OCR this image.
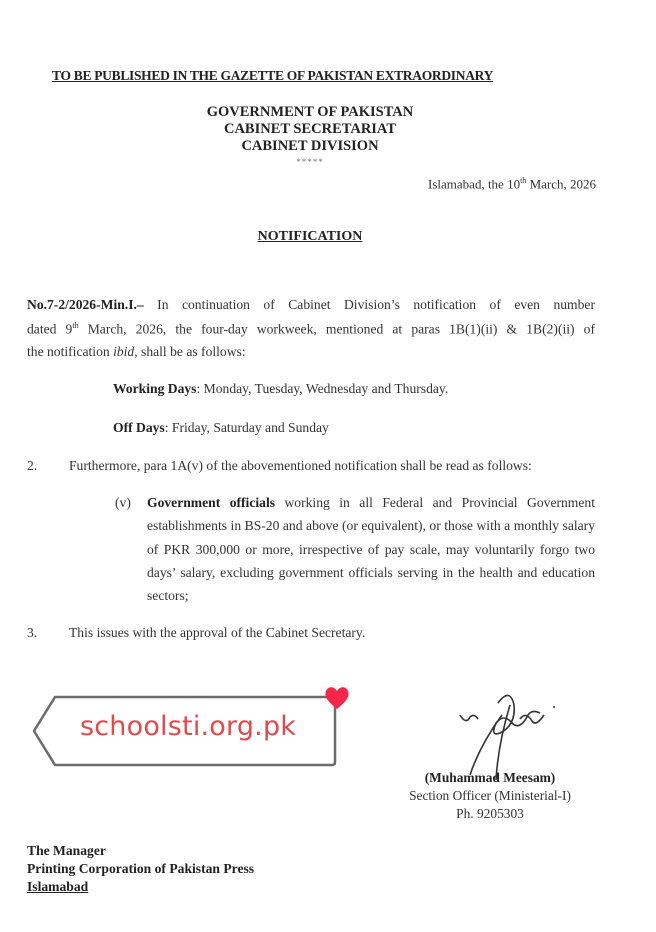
TO BE PUBLISHED IN THE GAZETTE OF PAKISTAN EXTRAORDINARY
GOVERNMENT OF PAKISTAN
CABINET SECRETARIAT
CABINET DIVISION
*****
Islamabad, the 10th March, 2026
NOTIFICATION
No.7-2/2026-Min.I.– In continuation of Cabinet Division’s notification of even number
dated 9th March, 2026, the four-day workweek, mentioned at paras 1B(1)(ii) & 1B(2)(ii) of
the notification ibid, shall be as follows:
Working Days: Monday, Tuesday, Wednesday and Thursday.
Off Days: Friday, Saturday and Sunday
2. Furthermore, para 1A(v) of the abovementioned notification shall be read as follows:
(v) Government officials working in all Federal and Provincial Government establishments in BS-20 and above (or equivalent), or those with a monthly salary of PKR 300,000 or more, irrespective of pay scale, may voluntarily forgo two days’ salary, excluding government officials serving in the health and education sectors;
3. This issues with the approval of the Cabinet Secretary.
schoolsti.org.pk
(Muhammad Meesam)
Section Officer (Ministerial-I)
Ph. 9205303
The Manager
Printing Corporation of Pakistan Press
Islamabad
